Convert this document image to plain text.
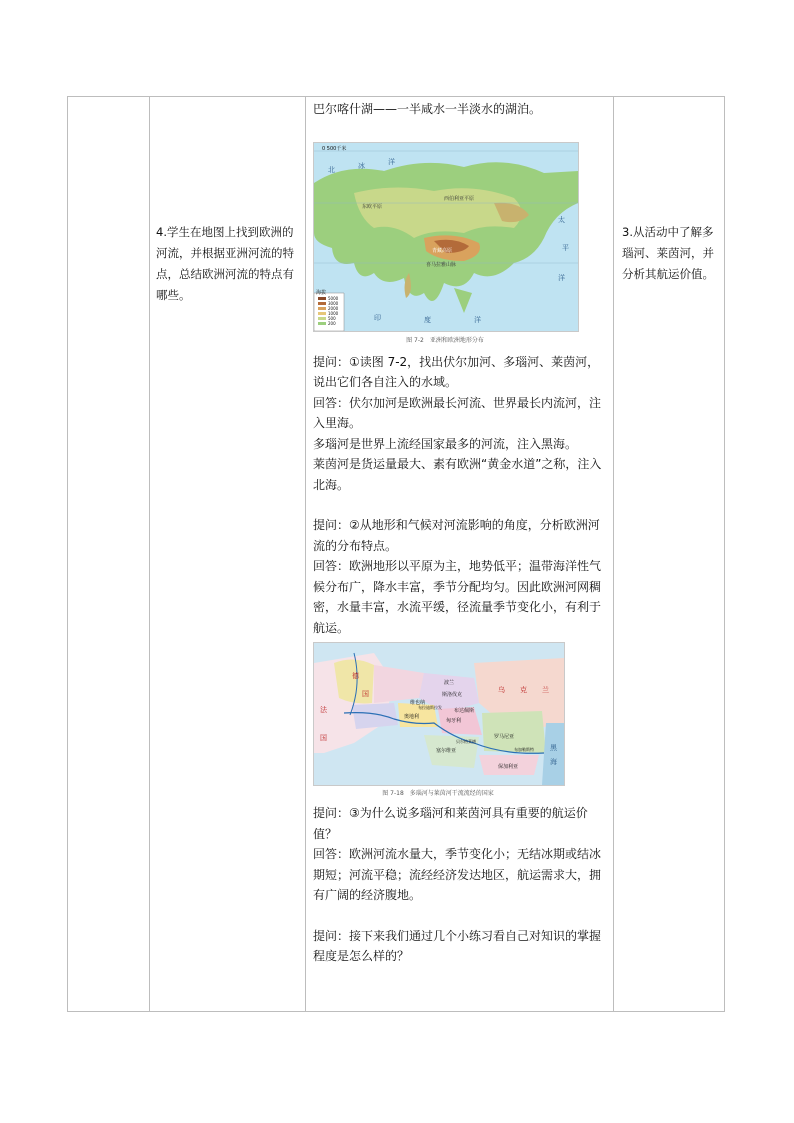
4.学生在地图上找到欧洲的河流，并根据亚洲河流的特点，总结欧洲河流的特点有哪些。

巴尔喀什湖——一半咸水一半淡水的湖泊。

0 500千米
北	冰	洋
太
平
洋
印	度	洋
青藏高原
西伯利亚平原
东欧平原
喜马拉雅山脉
海拔
5000
3000
2000
1000
500
200
图 7-2　亚洲和欧洲地形分布

提问：①读图 7-2，找出伏尔加河、多瑙河、莱茵河，说出它们各自注入的水域。

回答：伏尔加河是欧洲最长河流、世界最长内流河，注入里海。

多瑙河是世界上流经国家最多的河流，注入黑海。

莱茵河是货运量最大、素有欧洲“黄金水道”之称，注入北海。

提问：②从地形和气候对河流影响的角度，分析欧洲河流的分布特点。

回答：欧洲地形以平原为主，地势低平；温带海洋性气候分布广，降水丰富，季节分配均匀。因此欧洲河网稠密，水量丰富，水流平缓，径流量季节变化小，有利于航运。

德
国
法
国
乌 克 兰
罗马尼亚
波兰
斯洛伐克
匈牙利
奥地利
塞尔维亚
保加利亚
维也纳
布达佩斯
布拉迪斯拉发
贝尔格莱德
布加勒斯特 黑
海
图 7-18　多瑙河与莱茵河干流流经的国家

提问：③为什么说多瑙河和莱茵河具有重要的航运价值？

回答：欧洲河流水量大，季节变化小；无结冰期或结冰期短；河流平稳；流经经济发达地区，航运需求大，拥有广阔的经济腹地。

提问：接下来我们通过几个小练习看自己对知识的掌握程度是怎么样的？

3.从活动中了解多瑙河、莱茵河，并分析其航运价值。
